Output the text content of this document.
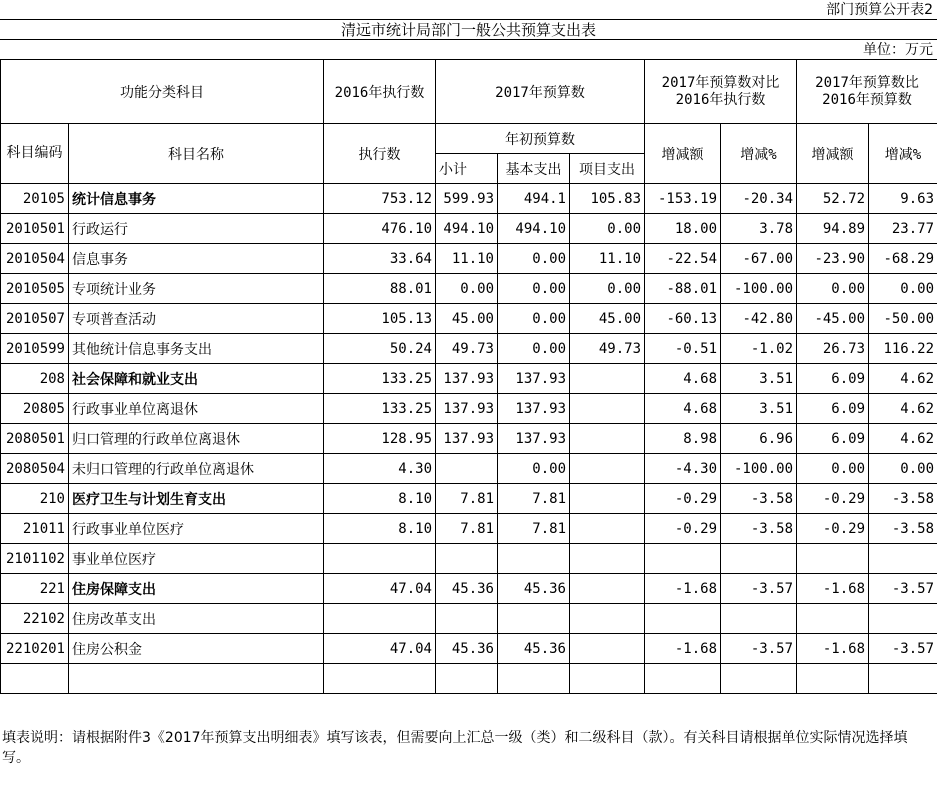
部门预算公开表2
清远市统计局部门一般公共预算支出表
单位：万元
功能分类科目		2016年执行数	2017年预算数			2017年预算数对比2016年执行数		2017年预算数比2016年预算数	
科目编码	科目名称	执行数	年初预算数			增减额	增减%	增减额	增减%
			小计	基本支出	项目支出				
20105	统计信息事务	753.12	599.93	494.1	105.83	-153.19	-20.34	52.72	9.63
2010501	行政运行	476.10	494.10	494.10	0.00	18.00	3.78	94.89	23.77
2010504	信息事务	33.64	11.10	0.00	11.10	-22.54	-67.00	-23.90	-68.29
2010505	专项统计业务	88.01	0.00	0.00	0.00	-88.01	-100.00	0.00	0.00
2010507	专项普查活动	105.13	45.00	0.00	45.00	-60.13	-42.80	-45.00	-50.00
2010599	其他统计信息事务支出	50.24	49.73	0.00	49.73	-0.51	-1.02	26.73	116.22
208	社会保障和就业支出	133.25	137.93	137.93		4.68	3.51	6.09	4.62
20805	行政事业单位离退休	133.25	137.93	137.93		4.68	3.51	6.09	4.62
2080501	归口管理的行政单位离退休	128.95	137.93	137.93		8.98	6.96	6.09	4.62
2080504	未归口管理的行政单位离退休	4.30		0.00		-4.30	-100.00	0.00	0.00
210	医疗卫生与计划生育支出	8.10	7.81	7.81		-0.29	-3.58	-0.29	-3.58
21011	行政事业单位医疗	8.10	7.81	7.81		-0.29	-3.58	-0.29	-3.58
2101102	事业单位医疗								
221	住房保障支出	47.04	45.36	45.36		-1.68	-3.57	-1.68	-3.57
22102	住房改革支出								
2210201	住房公积金	47.04	45.36	45.36		-1.68	-3.57	-1.68	-3.57

填表说明：请根据附件3《2017年预算支出明细表》填写该表，但需要向上汇总一级（类）和二级科目（款）。有关科目请根据单位实际情况选择填写。
